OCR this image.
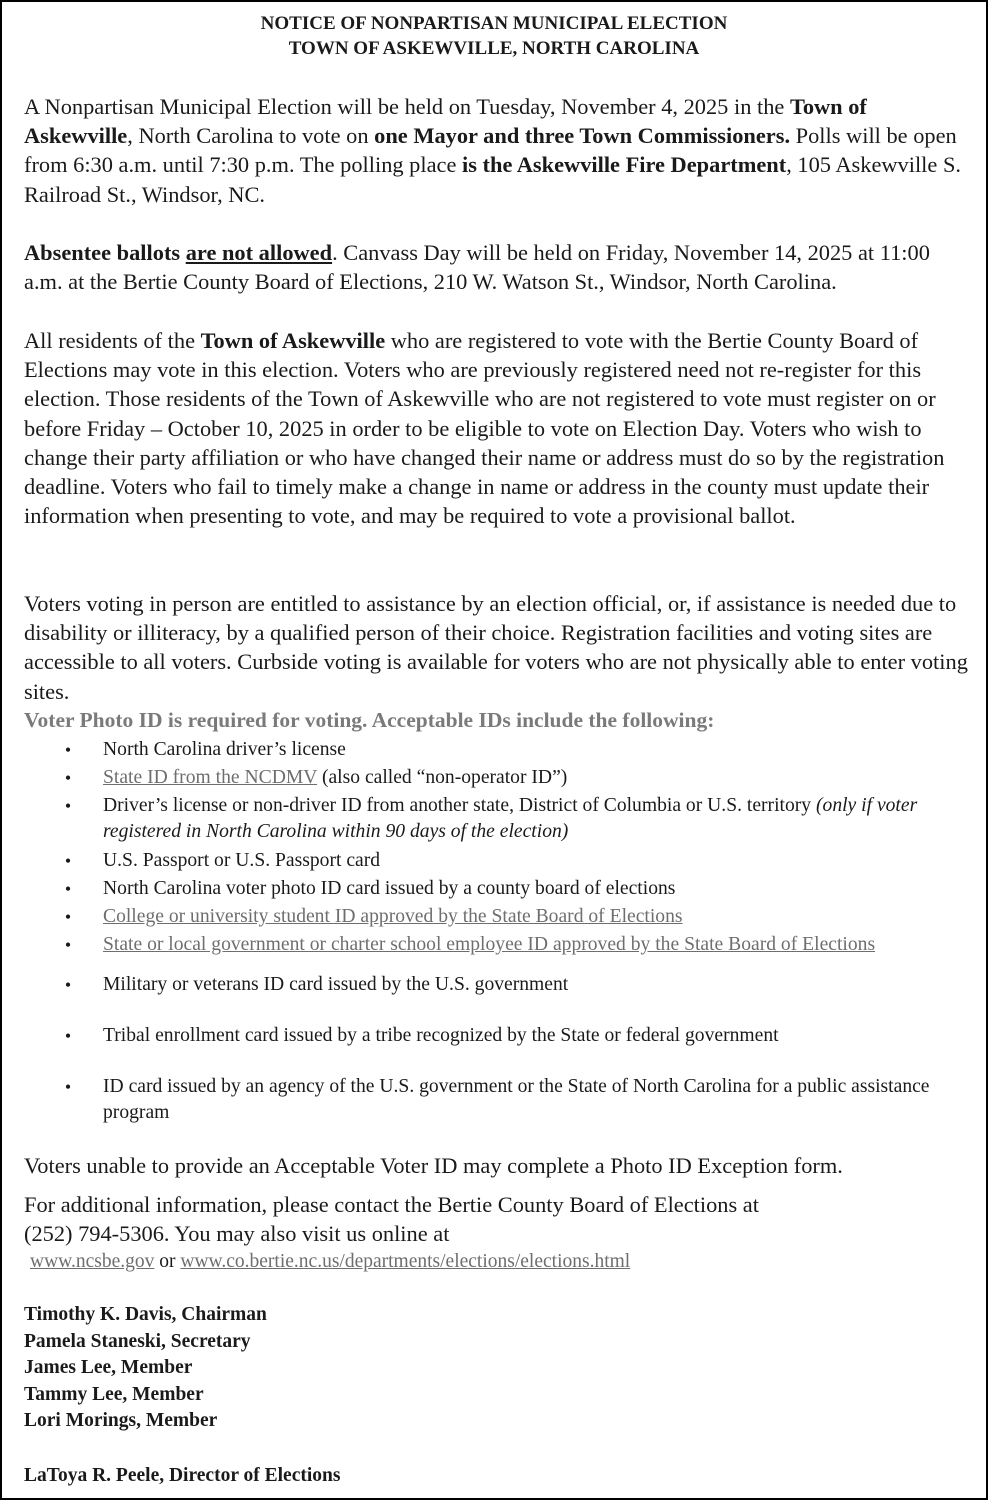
NOTICE OF NONPARTISAN MUNICIPAL ELECTION
TOWN OF ASKEWVILLE, NORTH CAROLINA
A Nonpartisan Municipal Election will be held on Tuesday, November 4, 2025 in the Town of Askewville, North Carolina to vote on one Mayor and three Town Commissioners. Polls will be open from 6:30 a.m. until 7:30 p.m. The polling place is the Askewville Fire Department, 105 Askewville S. Railroad St., Windsor, NC.
Absentee ballots are not allowed. Canvass Day will be held on Friday, November 14, 2025 at 11:00 a.m. at the Bertie County Board of Elections, 210 W. Watson St., Windsor, North Carolina.
All residents of the Town of Askewville who are registered to vote with the Bertie County Board of Elections may vote in this election. Voters who are previously registered need not re-register for this election. Those residents of the Town of Askewville who are not registered to vote must register on or before Friday – October 10, 2025 in order to be eligible to vote on Election Day. Voters who wish to change their party affiliation or who have changed their name or address must do so by the registration deadline. Voters who fail to timely make a change in name or address in the county must update their information when presenting to vote, and may be required to vote a provisional ballot.
Voters voting in person are entitled to assistance by an election official, or, if assistance is needed due to disability or illiteracy, by a qualified person of their choice. Registration facilities and voting sites are accessible to all voters. Curbside voting is available for voters who are not physically able to enter voting sites.
Voter Photo ID is required for voting. Acceptable IDs include the following:
• North Carolina driver’s license
• State ID from the NCDMV (also called “non-operator ID”)
• Driver’s license or non-driver ID from another state, District of Columbia or U.S. territory (only if voter registered in North Carolina within 90 days of the election)
• U.S. Passport or U.S. Passport card
• North Carolina voter photo ID card issued by a county board of elections
• College or university student ID approved by the State Board of Elections
• State or local government or charter school employee ID approved by the State Board of Elections
• Military or veterans ID card issued by the U.S. government
• Tribal enrollment card issued by a tribe recognized by the State or federal government
• ID card issued by an agency of the U.S. government or the State of North Carolina for a public assistance program
Voters unable to provide an Acceptable Voter ID may complete a Photo ID Exception form.
For additional information, please contact the Bertie County Board of Elections at
(252) 794-5306. You may also visit us online at
www.ncsbe.gov or www.co.bertie.nc.us/departments/elections/elections.html
Timothy K. Davis, Chairman
Pamela Staneski, Secretary
James Lee, Member
Tammy Lee, Member
Lori Morings, Member
LaToya R. Peele, Director of Elections
